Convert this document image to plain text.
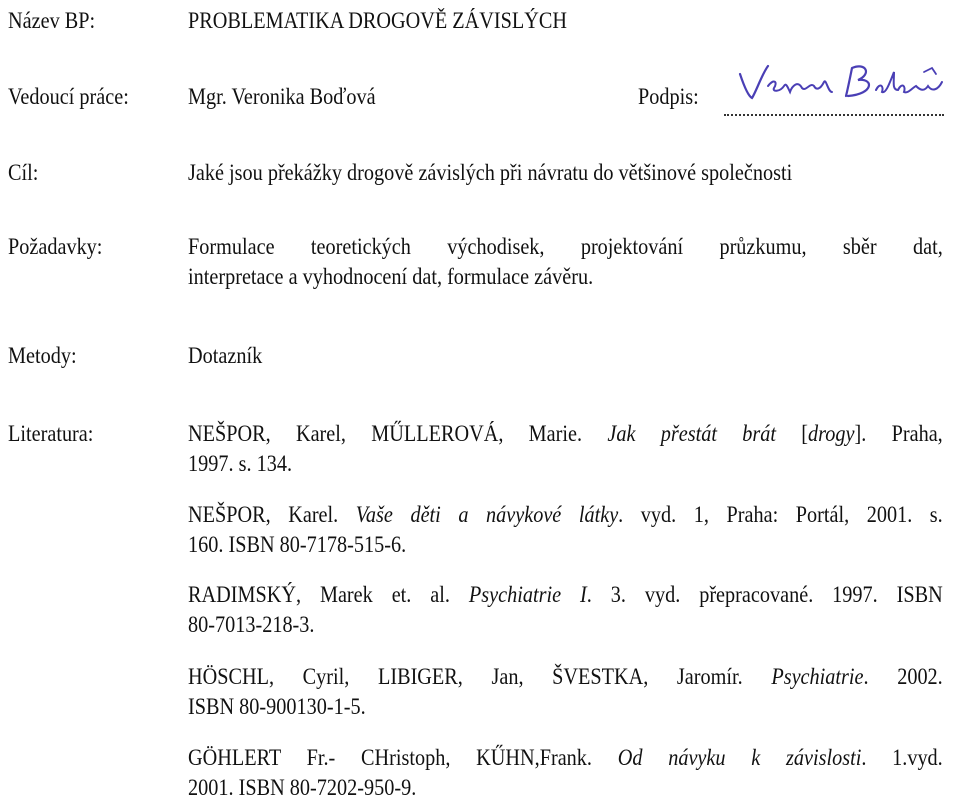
Název BP:	PROBLEMATIKA DROGOVĚ ZÁVISLÝCH
Vedoucí práce:	Mgr. Veronika Boďová	Podpis:
Cíl:	Jaké jsou překážky drogově závislých při návratu do většinové společnosti
Požadavky:	Formulace teoretických východisek, projektování průzkumu, sběr dat,
interpretace a vyhodnocení dat, formulace závěru.
Metody:	Dotazník
Literatura:	NEŠPOR, Karel, MŰLLEROVÁ, Marie. Jak přestát brát [drogy]. Praha,
1997. s. 134.
NEŠPOR, Karel. Vaše děti a návykové látky. vyd. 1, Praha: Portál, 2001. s.
160. ISBN 80-7178-515-6.
RADIMSKÝ, Marek et. al. Psychiatrie I. 3. vyd. přepracované. 1997. ISBN
80-7013-218-3.
HÖSCHL, Cyril, LIBIGER, Jan, ŠVESTKA, Jaromír. Psychiatrie. 2002.
ISBN 80-900130-1-5.
GÖHLERT Fr.- CHristoph, KŰHN,Frank. Od návyku k závislosti. 1.vyd.
2001. ISBN 80-7202-950-9.
